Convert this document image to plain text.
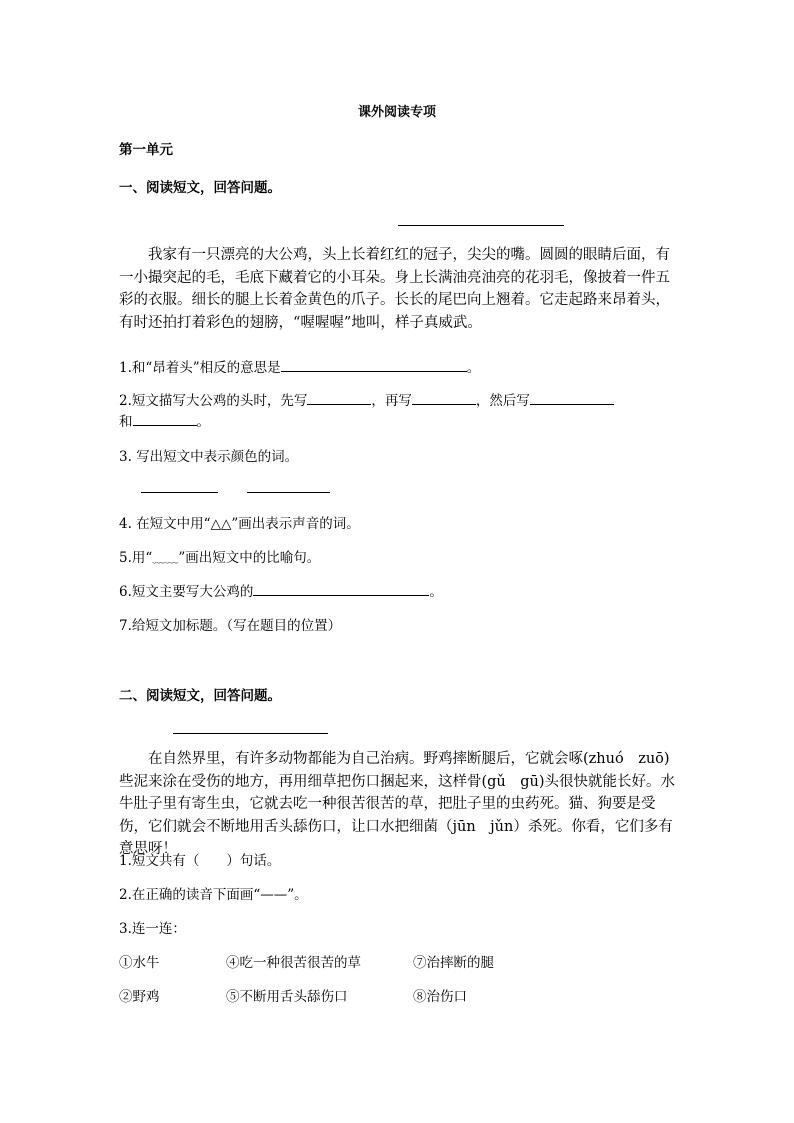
课外阅读专项
第一单元
一、阅读短文，回答问题。
我家有一只漂亮的大公鸡，头上长着红红的冠子，尖尖的嘴。圆圆的眼睛后面，有一小撮突起的毛，毛底下藏着它的小耳朵。身上长满油亮油亮的花羽毛，像披着一件五彩的衣服。细长的腿上长着金黄色的爪子。长长的尾巴向上翘着。它走起路来昂着头，有时还拍打着彩色的翅膀，“喔喔喔”地叫，样子真威武。
1.和“昂着头”相反的意思是	。
2.短文描写大公鸡的头时，先写	，再写	，然后写
和	。
3. 写出短文中表示颜色的词。
4. 在短文中用“△△”画出表示声音的词。
5.用“﹏﹏”画出短文中的比喻句。
6.短文主要写大公鸡的	。
7.给短文加标题。（写在题目的位置）
二、阅读短文，回答问题。
在自然界里，有许多动物都能为自己治病。野鸡摔断腿后，它就会啄(zhuó　zuō)些泥来涂在受伤的地方，再用细草把伤口捆起来，这样骨(gǔ　gū)头很快就能长好。水牛肚子里有寄生虫，它就去吃一种很苦很苦的草，把肚子里的虫药死。猫、狗要是受伤，它们就会不断地用舌头舔伤口，让口水把细菌（jūn　jǔn）杀死。你看，它们多有意思呀！
1.短文共有（　　）句话。
2.在正确的读音下面画“——”。
3.连一连：
①水牛	④吃一种很苦很苦的草	⑦治摔断的腿
②野鸡	⑤不断用舌头舔伤口	⑧治伤口
